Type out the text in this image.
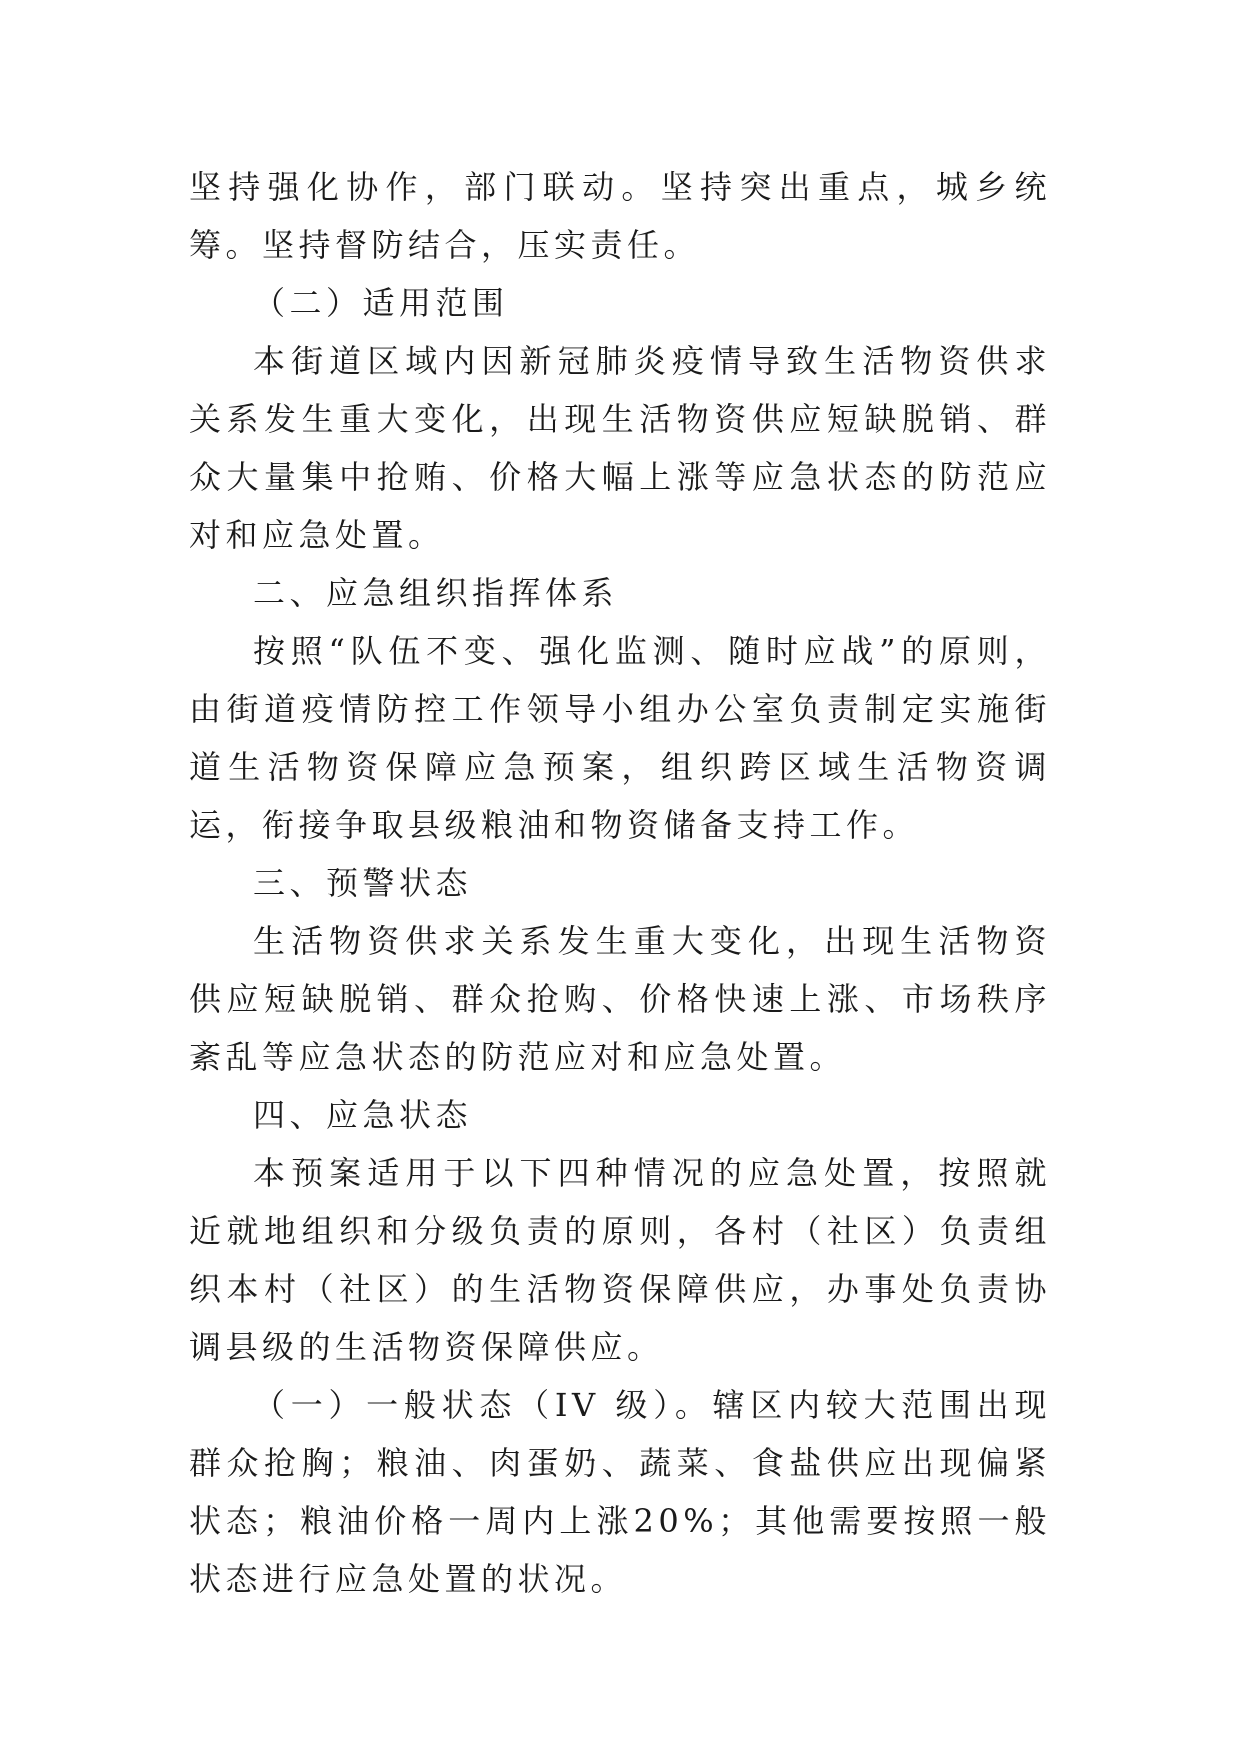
坚持强化协作，部门联动。坚持突出重点，城乡统筹。坚持督防结合，压实责任。

（二）适用范围

本街道区域内因新冠肺炎疫情导致生活物资供求关系发生重大变化，出现生活物资供应短缺脱销、群众大量集中抢贿、价格大幅上涨等应急状态的防范应对和应急处置。

二、应急组织指挥体系

按照“队伍不变、强化监测、随时应战”的原则，由街道疫情防控工作领导小组办公室负责制定实施街道生活物资保障应急预案，组织跨区域生活物资调运，衔接争取县级粮油和物资储备支持工作。

三、预警状态

生活物资供求关系发生重大变化，出现生活物资供应短缺脱销、群众抢购、价格快速上涨、市场秩序紊乱等应急状态的防范应对和应急处置。

四、应急状态

本预案适用于以下四种情况的应急处置，按照就近就地组织和分级负责的原则，各村（社区）负责组织本村（社区）的生活物资保障供应，办事处负责协调县级的生活物资保障供应。

（一）一般状态（IV 级）。辖区内较大范围出现群众抢胸；粮油、肉蛋奶、蔬菜、食盐供应出现偏紧状态；粮油价格一周内上涨20%；其他需要按照一般状态进行应急处置的状况。
